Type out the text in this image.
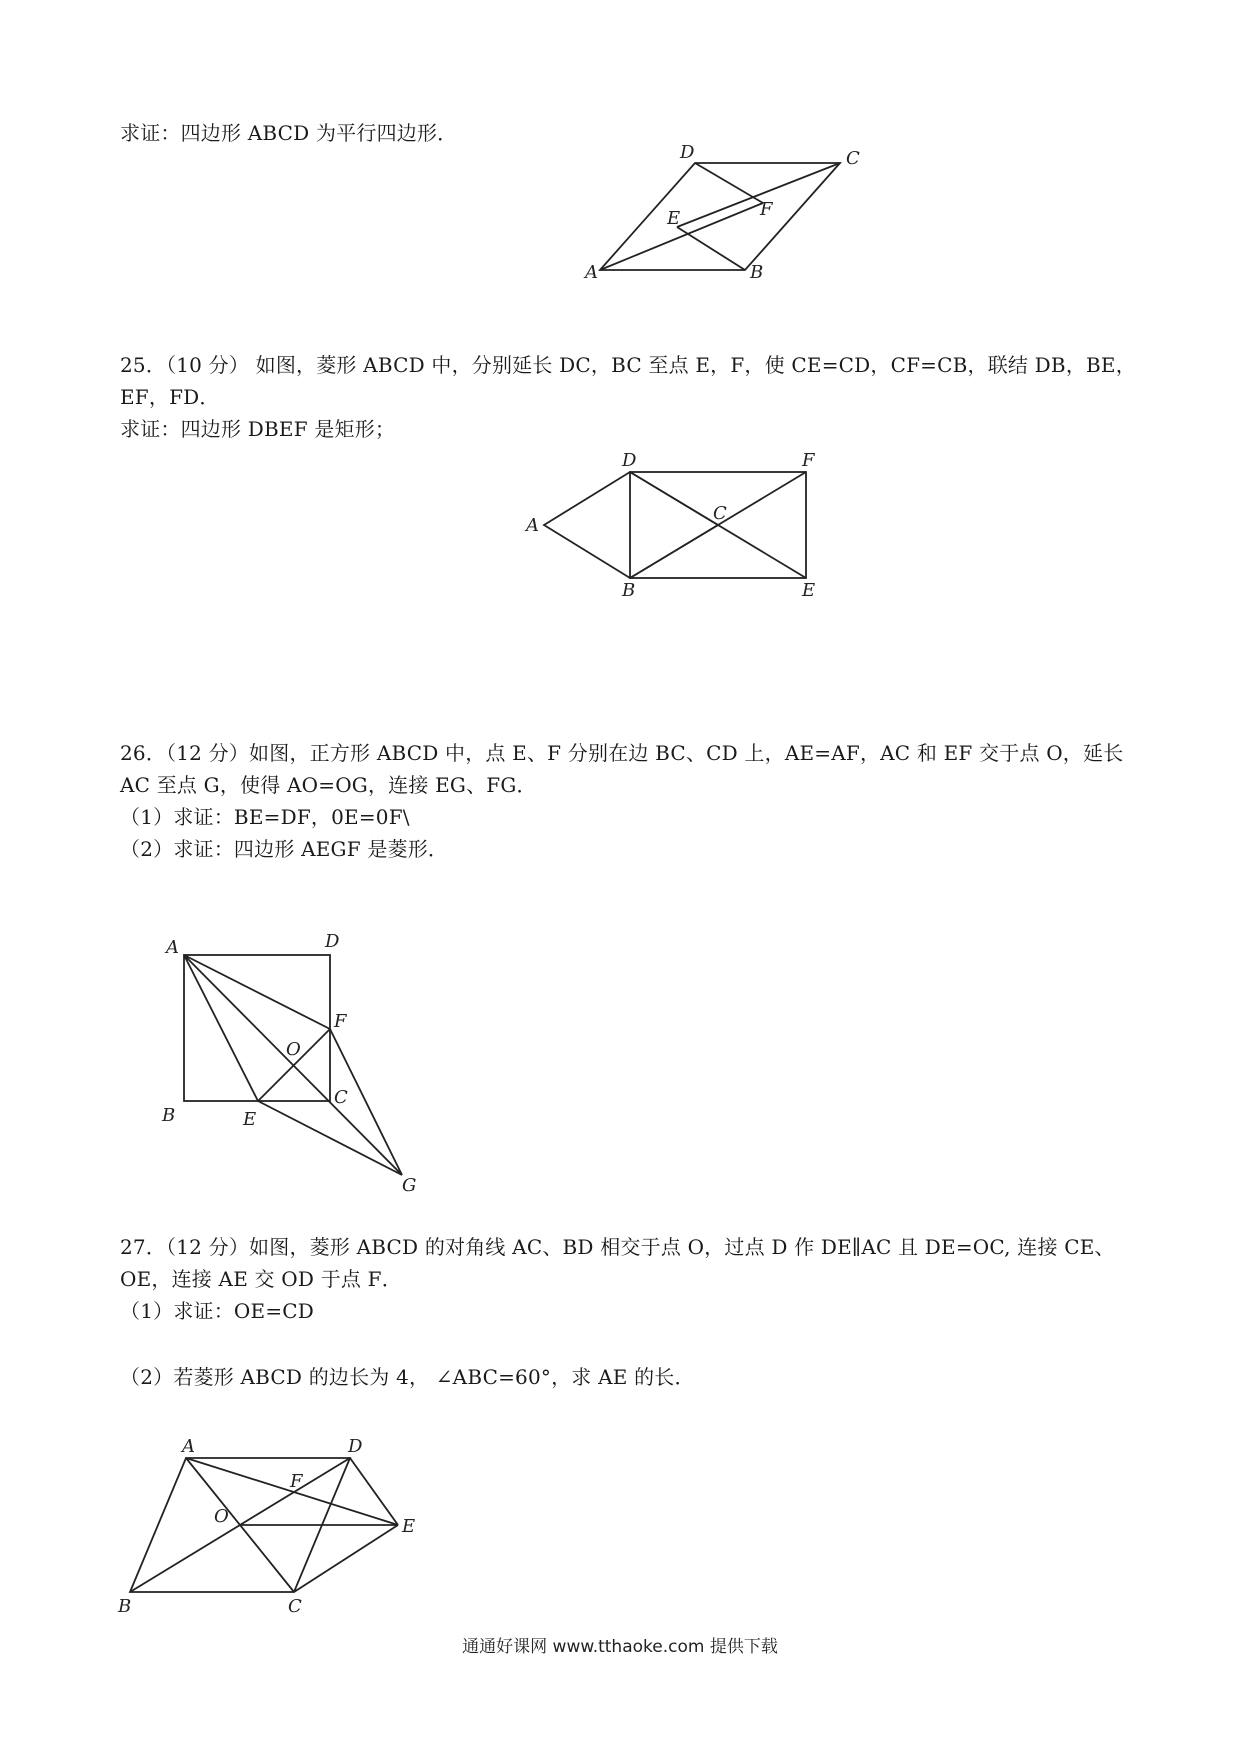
求证：四边形 ABCD 为平行四边形．
A	B
C
D
E	F
25．（10 分） 如图，菱形 ABCD 中，分别延长 DC，BC 至点 E，F，使 CE=CD，CF=CB，联结 DB，BE，
EF，FD．
求证：四边形 DBEF 是矩形；
A
B
C
D
E
F
26．（12 分）如图，正方形 ABCD 中，点 E、F 分别在边 BC、CD 上，AE=AF，AC 和 EF 交于点 O，延长
AC 至点 G，使得 AO=OG，连接 EG、FG．
（1）求证：BE=DF，0E=0F\
（2）求证：四边形 AEGF 是菱形．
A
B
C
D
E
F
O
G
27．（12 分）如图，菱形 ABCD 的对角线 AC、BD 相交于点 O，过点 D 作 DE∥AC 且 DE=OC, 连接 CE、
OE，连接 AE 交 OD 于点 F．
（1）求证：OE=CD
（2）若菱形 ABCD 的边长为 4， ∠ABC=60°，求 AE 的长．
A
B	C
D
E
F
O
通通好课网 www.tthaoke.com 提供下载
